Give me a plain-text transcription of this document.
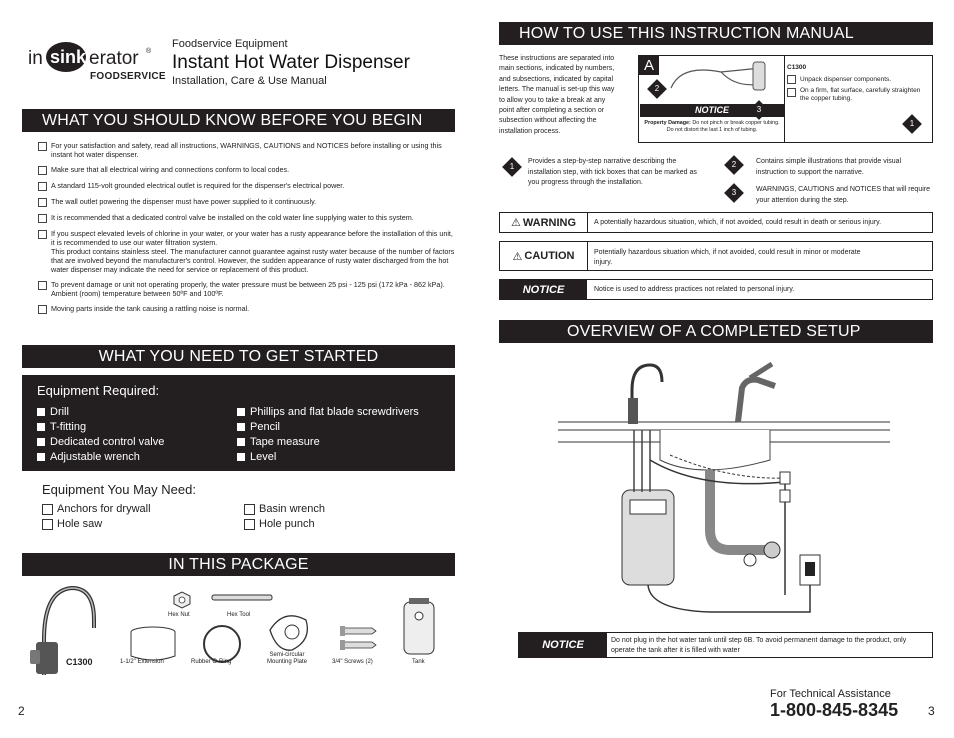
in sink erator ®
FOODSERVICE
Foodservice Equipment
Instant Hot Water Dispenser
Installation, Care & Use Manual
WHAT YOU SHOULD KNOW BEFORE YOU BEGIN
For your satisfaction and safety, read all instructions, WARNINGS, CAUTIONS and NOTICES before installing or using this instant hot water dispenser.
Make sure that all electrical wiring and connections conform to local codes.
A standard 115-volt grounded electrical outlet is required for the dispenser's electrical power.
The wall outlet powering the dispenser must have power supplied to it continuously.
It is recommended that a dedicated control valve be installed on the cold water line supplying water to this system.
If you suspect elevated levels of chlorine in your water, or your water has a rusty appearance before the installation of this unit, it is recommended to use our water filtration system.
This product contains stainless steel. The manufacturer cannot guarantee against rusty water because of the number of factors that are involved beyond the manufacturer's control. However, the sudden appearance of rusty water discharged from the hot water dispenser may indicate the need for service or replacement of this product.
To prevent damage or unit not operating properly, the water pressure must be between 25 psi - 125 psi (172 kPa - 862 kPa). Ambient (room) temperature between 50ºF and 100ºF.
Moving parts inside the tank causing a rattling noise is normal.
WHAT YOU NEED TO GET STARTED
Equipment Required:
Drill
T-fitting
Dedicated control valve
Adjustable wrench
Phillips and flat blade screwdrivers
Pencil
Tape measure
Level
Equipment You May Need:
Anchors for drywall
Hole saw
Basin wrench
Hole punch
IN THIS PACKAGE
C1300
Hex Nut	Hex Tool
1-1/2" Extension	Rubber O-Ring
Semi-circular Mounting Plate	3/4" Screws (2)	Tank
2
HOW TO USE THIS INSTRUCTION MANUAL
These instructions are separated into main sections, indicated by numbers, and subsections, indicated by capital letters. The manual is set-up this way to allow you to take a break at any point after completing a section or subsection without affecting the installation process.
A	C1300
Unpack dispenser components.
On a firm, flat surface, carefully straighten the copper tubing.
NOTICE
Property Damage: Do not pinch or break copper tubing. Do not distort the last 1 inch of tubing.
2
3
1
1
Provides a step-by-step narrative describing the installation step, with tick boxes that can be marked as you progress through the installation.
2	Contains simple illustrations that provide visual instruction to support the narrative.
3	WARNINGS, CAUTIONS and NOTICES that will require your attention during the step.
⚠ WARNING	A potentially hazardous situation, which, if not avoided, could result in death or serious injury.
⚠ CAUTION	Potentially hazardous situation which, if not avoided, could result in minor or moderate injury.
NOTICE	Notice is used to address practices not related to personal injury.
OVERVIEW OF A COMPLETED SETUP
NOTICE	Do not plug in the hot water tank until step 6B. To avoid permanent damage to the product, only operate the tank after it is filled with water
For Technical Assistance
1-800-845-8345 3
